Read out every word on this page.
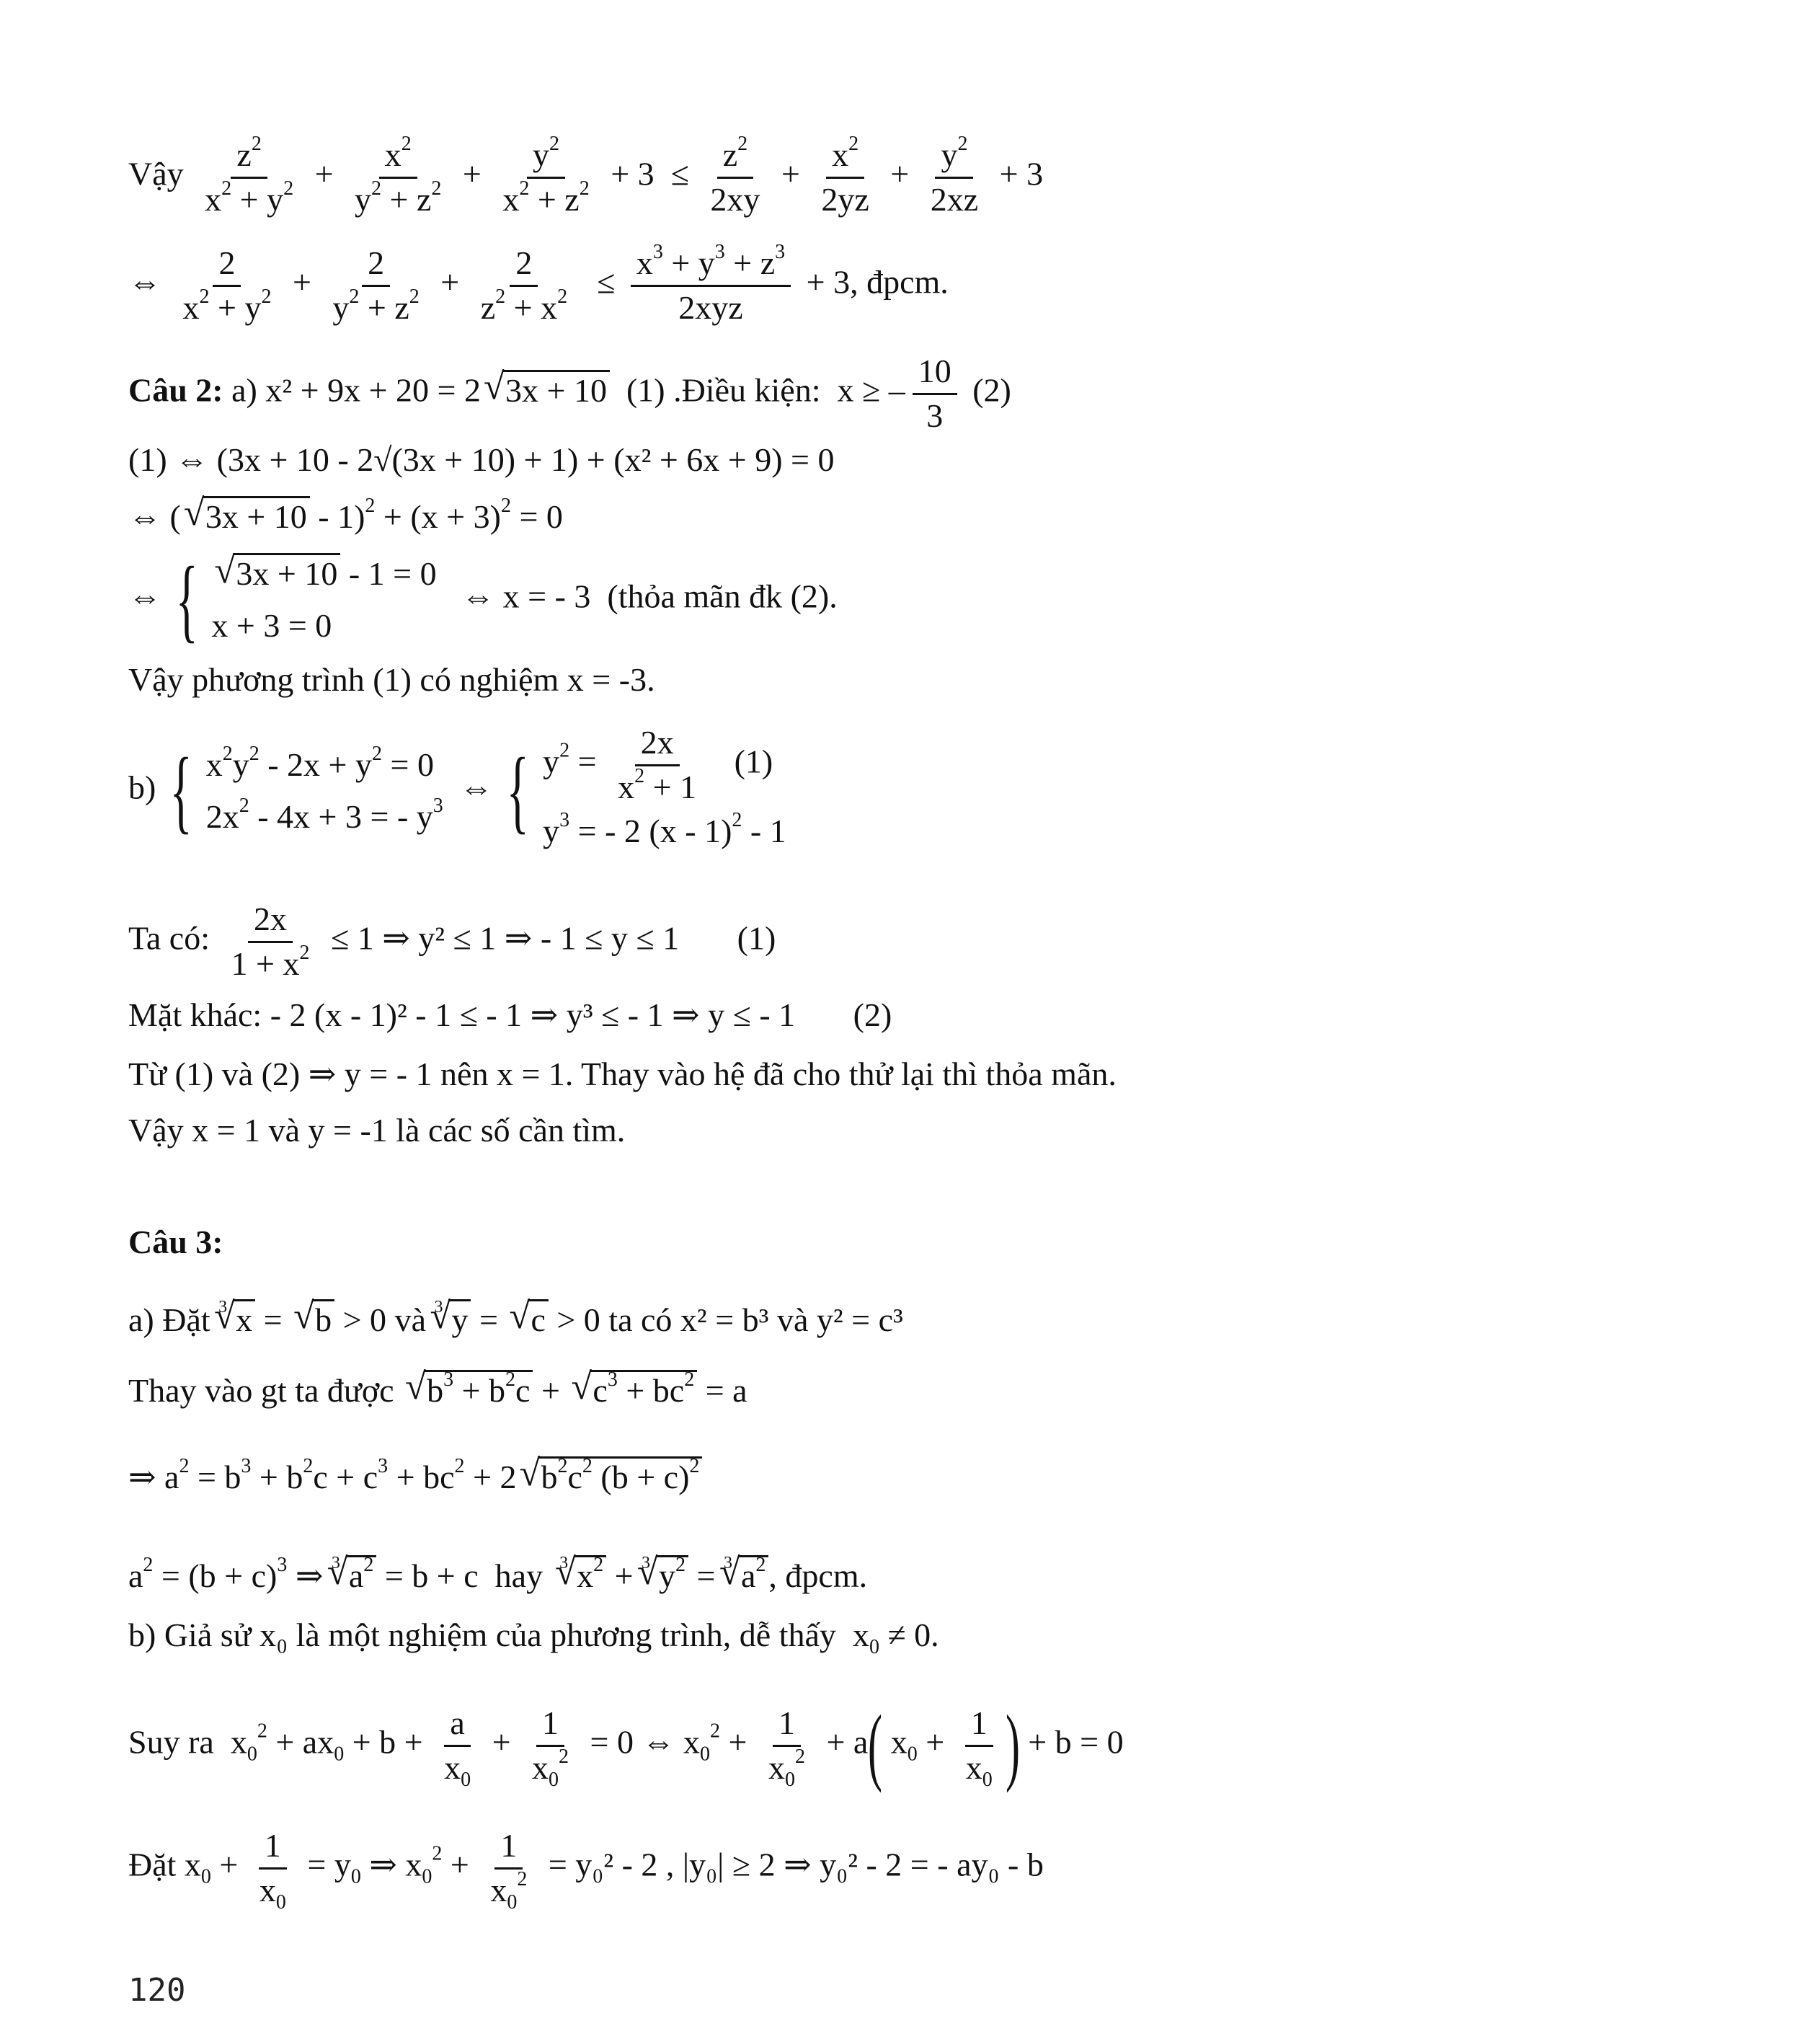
Vậy $\frac{z^2}{x^2 + y^2} + \frac{x^2}{y^2 + z^2} + \frac{y^2}{x^2 + z^2} + 3 \le \frac{z^2}{2xy} + \frac{x^2}{2yz} + \frac{y^2}{2xz} + 3$
⇔ $\frac{2}{x^2 + y^2} + \frac{2}{y^2 + z^2} + \frac{2}{z^2 + x^2} \le \frac{x^3 + y^3 + z^3}{\text{2xyz}} + 3$, đpcm.
Câu 2: a) x² + 9x + 20 = 2√ 3x + 10 (1) .Điều kiện:  x ≥ – $\frac{10}{3} (2)$
(1) ⇔ (3x + 10 - 2√(3x + 10) + 1) + (x² + 6x + 9) = 0
⇔ (√ $3x + 10 - 1)^2 + (x + 3)^2 = 0$
⇔ {
√	3x + 10 - 1 = 0
x + 3 = 0
⇔ x = - 3 (thỏa mãn đk (2).
Vậy phương trình (1) có nghiệm x = -3.
b) { $x^2y^2 - 2x + y^2 = 0$
$2x^2 - 4x + 3$ = - $y^3$ ⇔ { $y^2 = \frac{2x}{x^2 + 1} (1)$
$y^3$ = - 2 (x - 1)$^2$ - 1
Ta có: $\frac{2x}{1 + x^2} \le 1$ ⇒ y² ≤ 1 ⇒ - 1 ≤ y ≤ 1 (1)
Mặt khác: - 2 (x - 1)² - 1 ≤ - 1 ⇒ y³ ≤ - 1 ⇒ y ≤ - 1 (2)
Từ (1) và (2) ⇒ y = - 1 nên x = 1. Thay vào hệ đã cho thử lại thì thỏa mãn.
Vậy x = 1 và y = -1 là các số cần tìm.
Câu 3:
a) Đặt $^3$√ x = √ b > 0 và $^3$√ y = √ c > 0 ta có x² = b³ và y² = c³
Thay vào gt ta được √ $b^3 + b^2c$ + √ $c^3 + bc^2 = a$
⇒ $a^2 = b^3 + b^2c + c^3 + bc^2 + 2√$ $b^2c^2$ $(b + c)^2$
$a^2 = (b + c)^3$ ⇒ $^3$√ $a^2 = b + c$  hay $^3$√ $x^2 + ^3√$ $y^2 = ^3√$ $a^2$, đpcm.
b) Giả sử x₀ là một nghiệm của phương trình, dễ thấy  $x_0 \ne 0$.
Suy ra  $x_0^2 + ax_0 + b + \frac{a}{x_0} + \frac{1}{x_0^2} = 0$ ⇔ $x_0^2 + \frac{1}{x_0^2} + a$( $x_0 + \frac{1}{x_0}$ ) + b = 0
Đặt $x_0 + \frac{1}{x_0} = y_0$ ⇒ $x_0^2 + \frac{1}{x_0^2} = y_0^2 - 2$ , |y₀| ≥ 2 ⇒ y₀² - 2 = - ay₀ - b
120
